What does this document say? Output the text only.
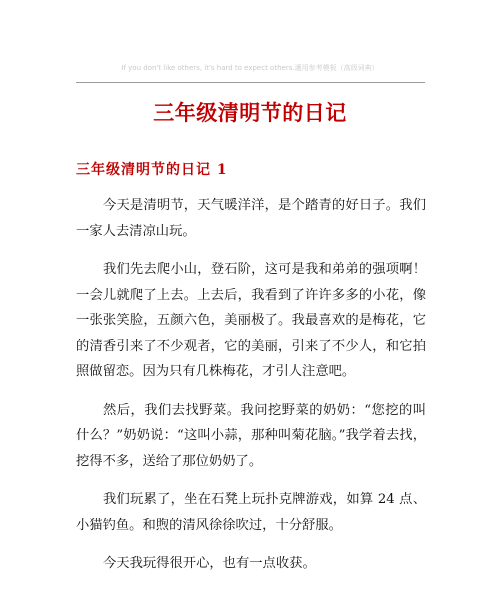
If you don't like others, it's hard to expect others.適用参考模板（高级词典）
三年级清明节的日记
三年级清明节的日记 1

今天是清明节，天气暖洋洋，是个踏青的好日子。我们一家人去清凉山玩。

我们先去爬小山，登石阶，这可是我和弟弟的强项啊！一会儿就爬了上去。上去后，我看到了许许多多的小花，像一张张笑脸，五颜六色，美丽极了。我最喜欢的是梅花，它的清香引来了不少观者，它的美丽，引来了不少人，和它拍照做留恋。因为只有几株梅花，才引人注意吧。

然后，我们去找野菜。我问挖野菜的奶奶：“您挖的叫什么？”奶奶说：“这叫小蒜，那种叫菊花脑。”我学着去找，挖得不多，送给了那位奶奶了。

我们玩累了，坐在石凳上玩扑克牌游戏，如算 24 点、小猫钓鱼。和煦的清风徐徐吹过，十分舒服。

今天我玩得很开心，也有一点收获。
